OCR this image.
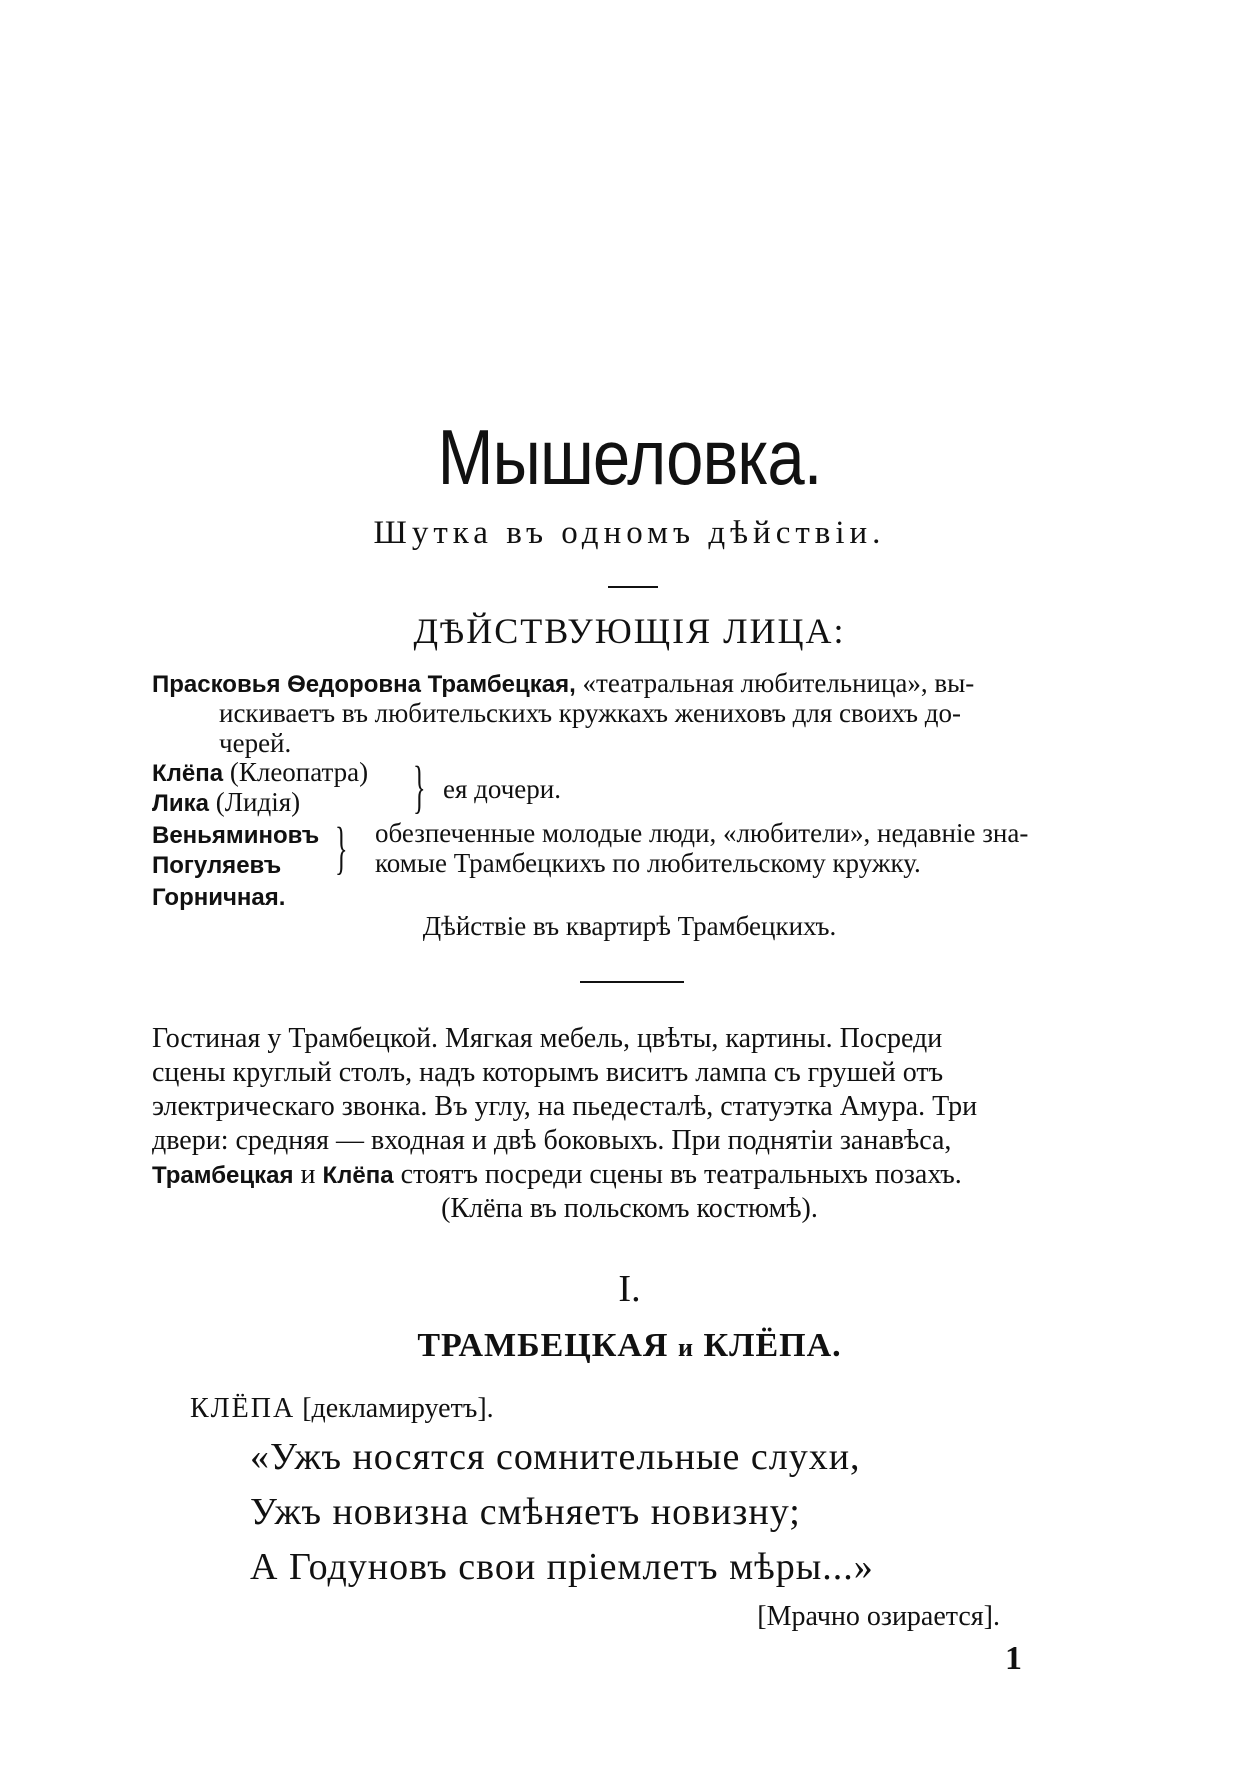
Мышеловка.
Шутка въ одномъ дѣйствіи.
ДѢЙСТВУЮЩІЯ ЛИЦА:
Прасковья Ѳедоровна Трамбецкая, «театральная любительница», вы-
искиваетъ въ любительскихъ кружкахъ жениховъ для своихъ до-
черей.
Клёпа (Клеопатра)
Лика (Лидія) } ея дочери.
Веньяминовъ
Погуляевъ } обезпеченные молодые люди, «любители», недавніе зна-
комые Трамбецкихъ по любительскому кружку.
Горничная.
Дѣйствіе въ квартирѣ Трамбецкихъ.
Гостиная у Трамбецкой. Мягкая мебель, цвѣты, картины. Посреди
сцены круглый столъ, надъ которымъ виситъ лампа съ грушей отъ
электрическаго звонка. Въ углу, на пьедесталѣ, статуэтка Амура. Три
двери: средняя — входная и двѣ боковыхъ. При поднятіи занавѣса,
Трамбецкая и Клёпа стоятъ посреди сцены въ театральныхъ позахъ.
(Клёпа въ польскомъ костюмѣ).
I.
ТРАМБЕЦКАЯ и КЛЁПА.
КЛЁПА [декламируетъ].
«Ужъ носятся сомнительные слухи,
Ужъ новизна смѣняетъ новизну;
А Годуновъ свои пріемлетъ мѣры...»
[Мрачно озирается].
1
